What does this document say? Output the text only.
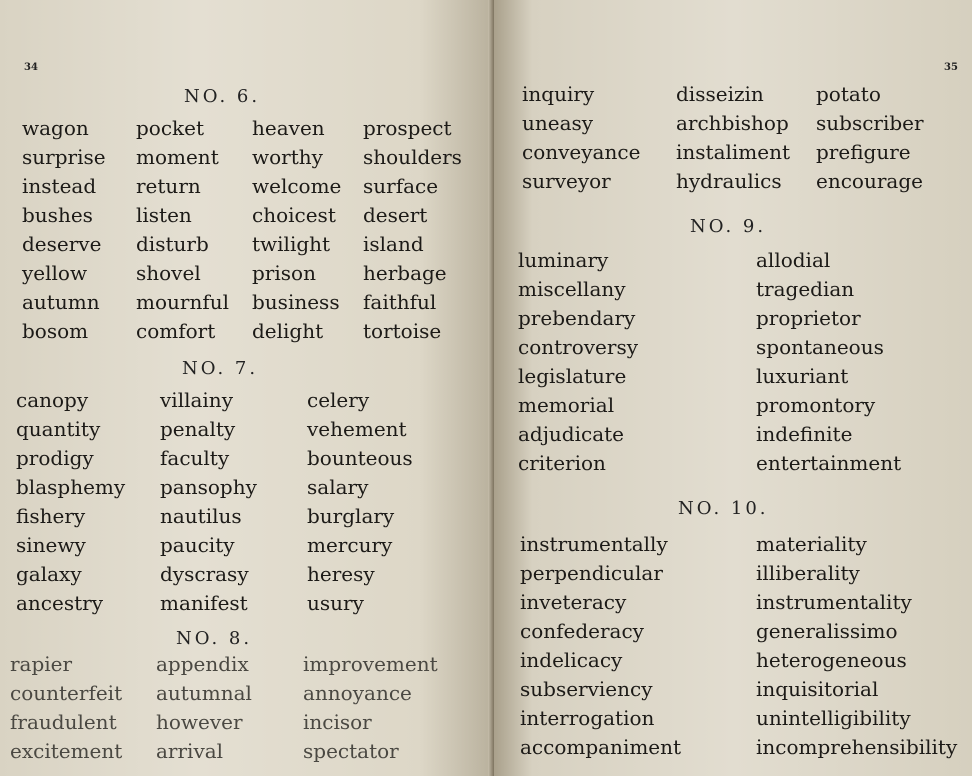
34
NO. 6.
wagon	pocket	heaven	prospect
surprise	moment	worthy	shoulders
instead	return	welcome	surface
bushes	listen	choicest	desert
deserve	disturb	twilight	island
yellow	shovel	prison	herbage
autumn	mournful	business	faithful
bosom	comfort	delight	tortoise
NO. 7.
canopy	villainy	celery
quantity	penalty	vehement
prodigy	faculty	bounteous
blasphemy	pansophy	salary
fishery	nautilus	burglary
sinewy	paucity	mercury
galaxy	dyscrasy	heresy
ancestry	manifest	usury
NO. 8.
rapier	appendix	improvement
counterfeit	autumnal	annoyance
fraudulent	however	incisor
excitement	arrival	spectator
35
inquiry	disseizin	potato
uneasy	archbishop	subscriber
conveyance	instaliment	prefigure
surveyor	hydraulics	encourage
NO. 9.
luminary	allodial
miscellany	tragedian
prebendary	proprietor
controversy	spontaneous
legislature	luxuriant
memorial	promontory
adjudicate	indefinite
criterion	entertainment
NO. 10.
instrumentally	materiality
perpendicular	illiberality
inveteracy	instrumentality
confederacy	generalissimo
indelicacy	heterogeneous
subserviency	inquisitorial
interrogation	unintelligibility
accompaniment	incomprehensibility
